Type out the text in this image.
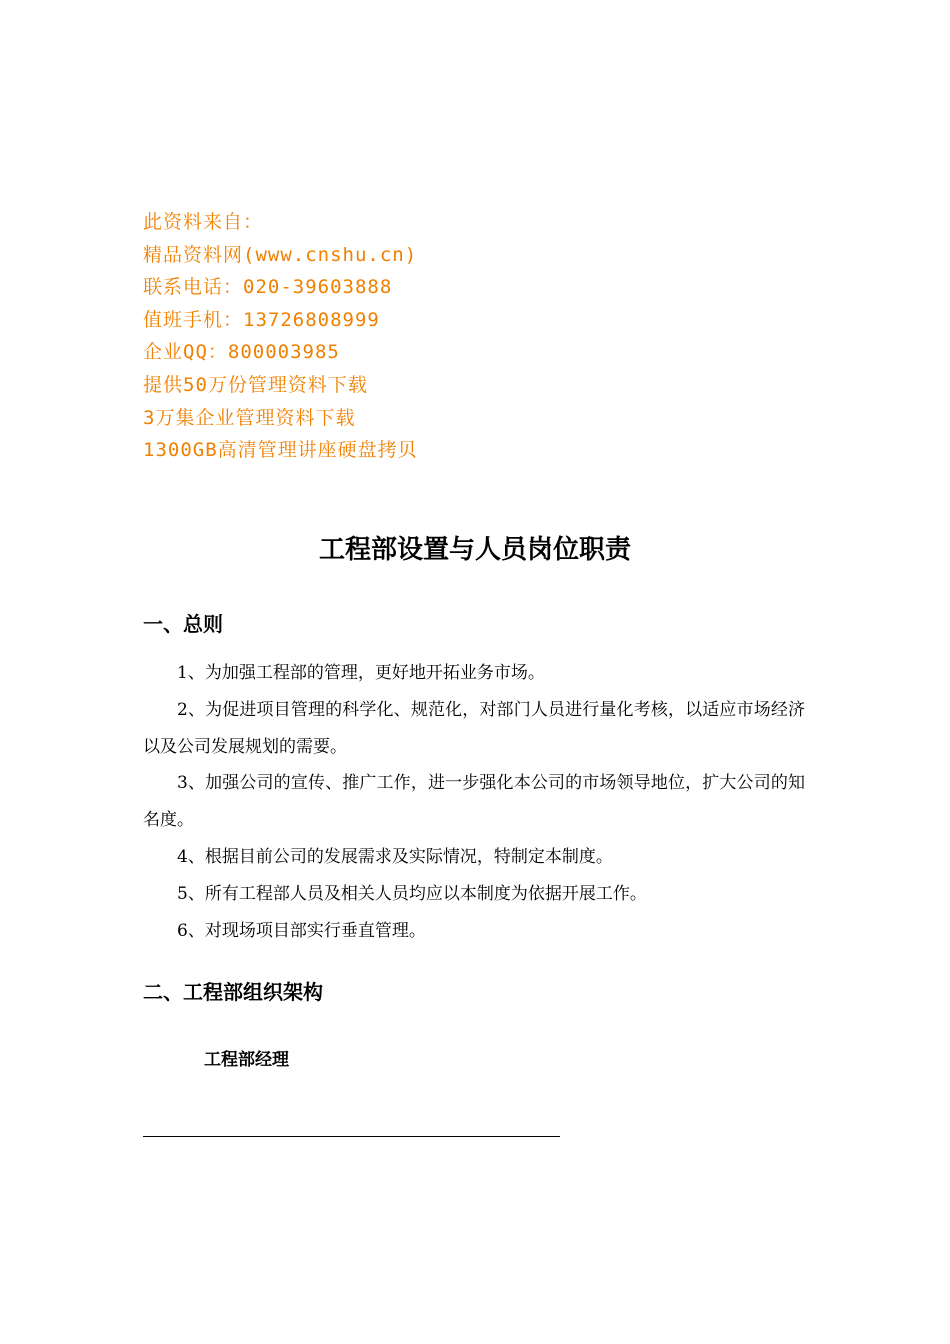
此资料来自：
精品资料网(www.cnshu.cn)
联系电话：020-39603888
值班手机：13726808999
企业QQ：800003985
提供50万份管理资料下载
3万集企业管理资料下载
1300GB高清管理讲座硬盘拷贝
工程部设置与人员岗位职责
一、总则

1、为加强工程部的管理，更好地开拓业务市场。

2、为促进项目管理的科学化、规范化，对部门人员进行量化考核，以适应市场经济以及公司发展规划的需要。

3、加强公司的宣传、推广工作，进一步强化本公司的市场领导地位，扩大公司的知名度。

4、根据目前公司的发展需求及实际情况，特制定本制度。

5、所有工程部人员及相关人员均应以本制度为依据开展工作。

6、对现场项目部实行垂直管理。

二、工程部组织架构
工程部经理
